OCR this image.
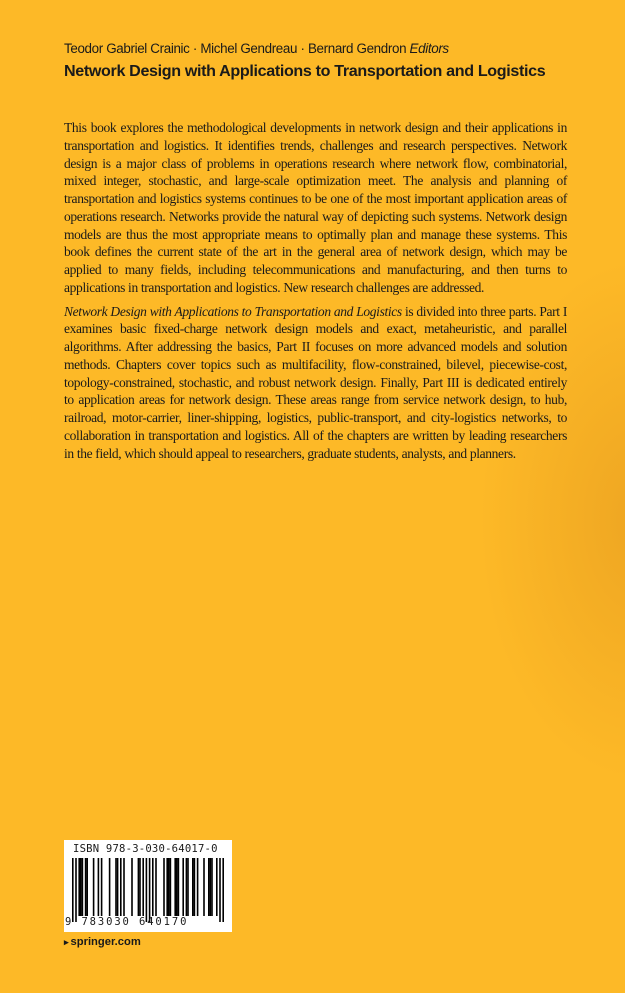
Teodor Gabriel Crainic · Michel Gendreau · Bernard Gendron Editors
Network Design with Applications to Transportation and Logistics

This book explores the methodological developments in network design and their applications in transportation and logistics. It identifies trends, challenges and research perspectives. Network design is a major class of problems in operations research where network flow, combinatorial, mixed integer, stochastic, and large-scale optimization meet. The analysis and planning of transportation and logistics systems continues to be one of the most important application areas of operations research. Networks provide the natural way of depicting such systems. Network design models are thus the most appropriate means to optimally plan and manage these systems. This book defines the current state of the art in the general area of network design, which may be applied to many fields, including telecommunications and manufacturing, and then turns to applications in transportation and logistics. New research challenges are addressed.

Network Design with Applications to Transportation and Logistics is divided into three parts. Part I examines basic fixed-charge network design models and exact, metaheuristic, and parallel algorithms. After addressing the basics, Part II focuses on more advanced models and solution methods. Chapters cover topics such as multifacility, flow-constrained, bilevel, piecewise-cost, topology-constrained, stochastic, and robust network design. Finally, Part III is dedicated entirely to application areas for network design. These areas range from service network design, to hub, railroad, motor-carrier, liner-shipping, logistics, public-transport, and city-logistics networks, to collaboration in transportation and logistics. All of the chapters are written by leading researchers in the field, which should appeal to researchers, graduate students, analysts, and planners.

ISBN 978-3-030-64017-0
9 783030 640170
▸ springer.com
